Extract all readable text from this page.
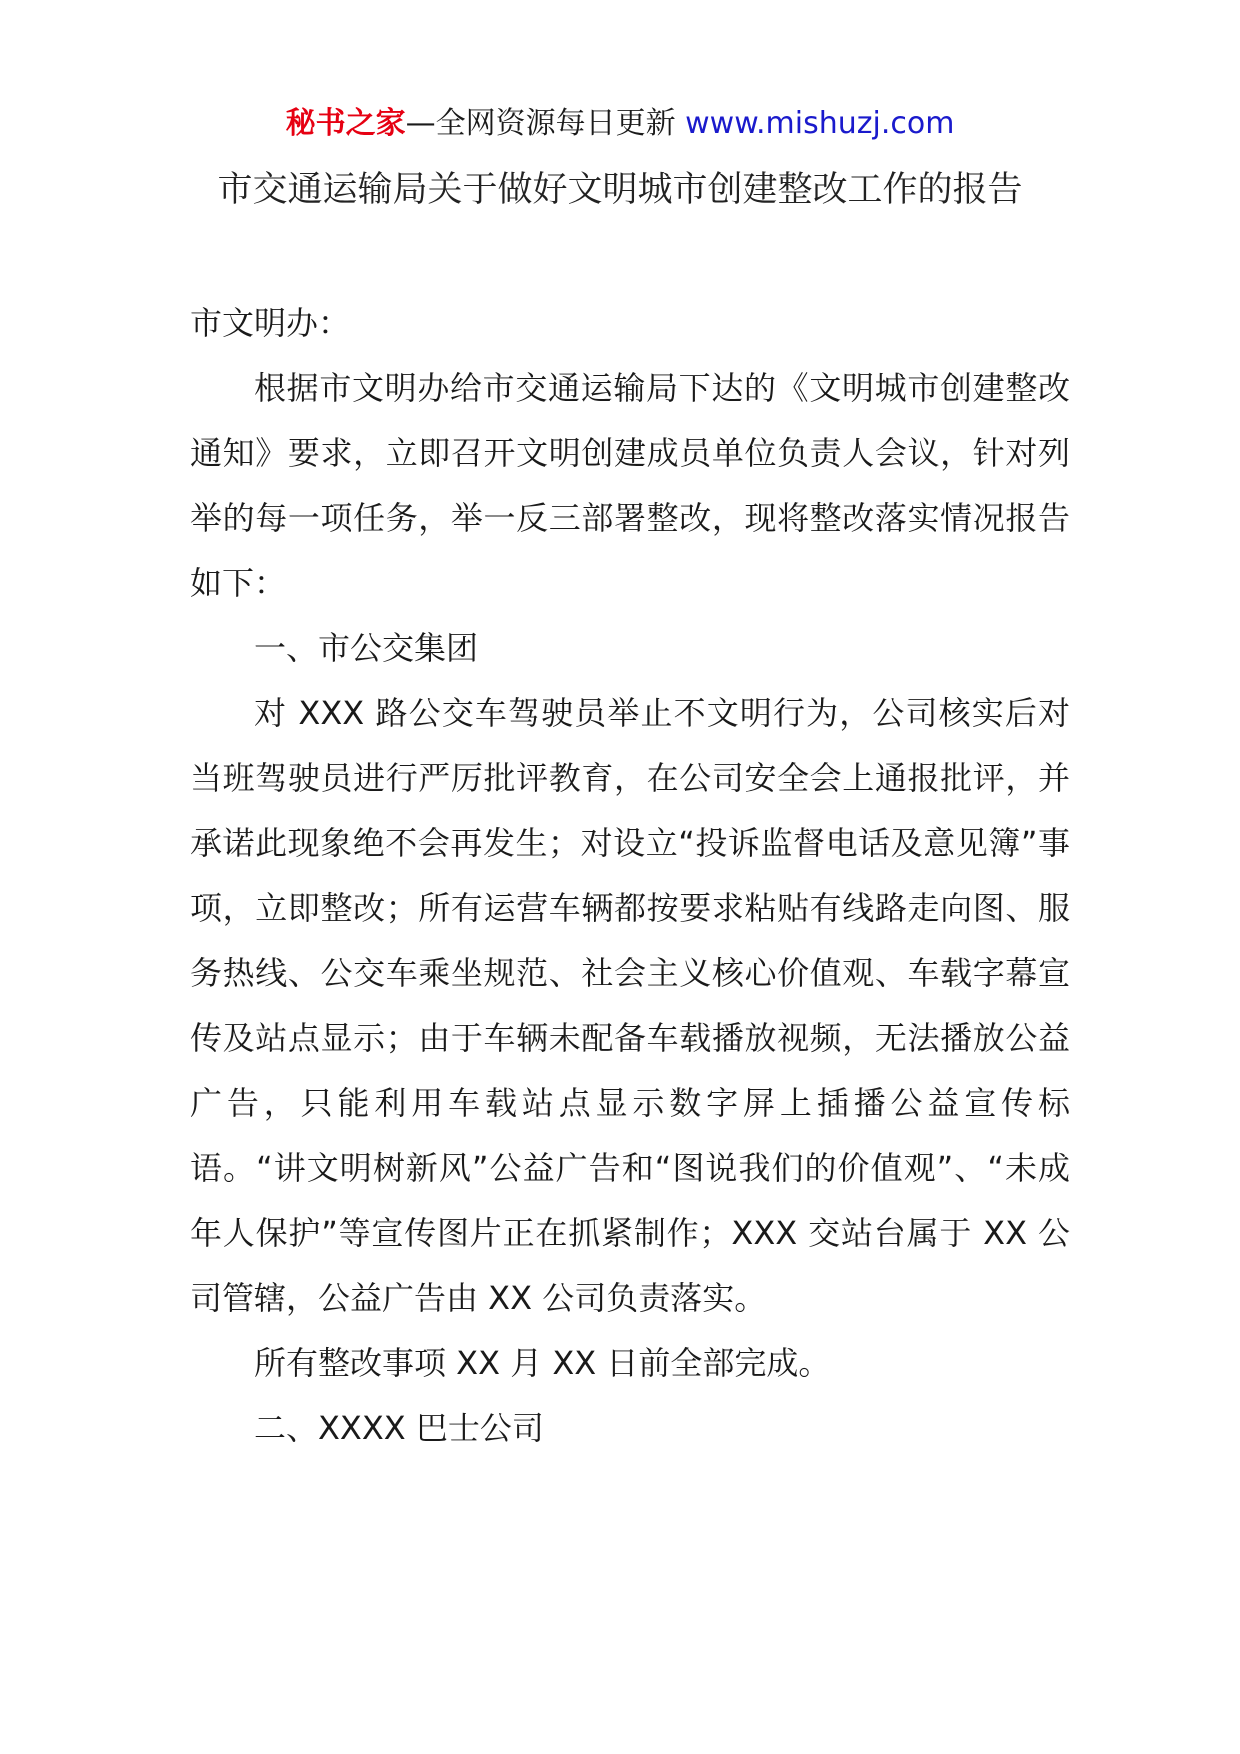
秘书之家—全网资源每日更新 www.mishuzj.com
市交通运输局关于做好文明城市创建整改工作的报告

市文明办：

根据市文明办给市交通运输局下达的《文明城市创建整改通知》要求，立即召开文明创建成员单位负责人会议，针对列举的每一项任务，举一反三部署整改，现将整改落实情况报告如下：

一、市公交集团

对 XXX 路公交车驾驶员举止不文明行为，公司核实后对当班驾驶员进行严厉批评教育，在公司安全会上通报批评，并承诺此现象绝不会再发生；对设立“投诉监督电话及意见簿”事项，立即整改；所有运营车辆都按要求粘贴有线路走向图、服务热线、公交车乘坐规范、社会主义核心价值观、车载字幕宣传及站点显示；由于车辆未配备车载播放视频，无法播放公益广告，只能利用车载站点显示数字屏上插播公益宣传标语。“讲文明树新风”公益广告和“图说我们的价值观”、“未成年人保护”等宣传图片正在抓紧制作；XXX 交站台属于 XX 公司管辖，公益广告由 XX 公司负责落实。

所有整改事项 XX 月 XX 日前全部完成。

二、XXXX 巴士公司
